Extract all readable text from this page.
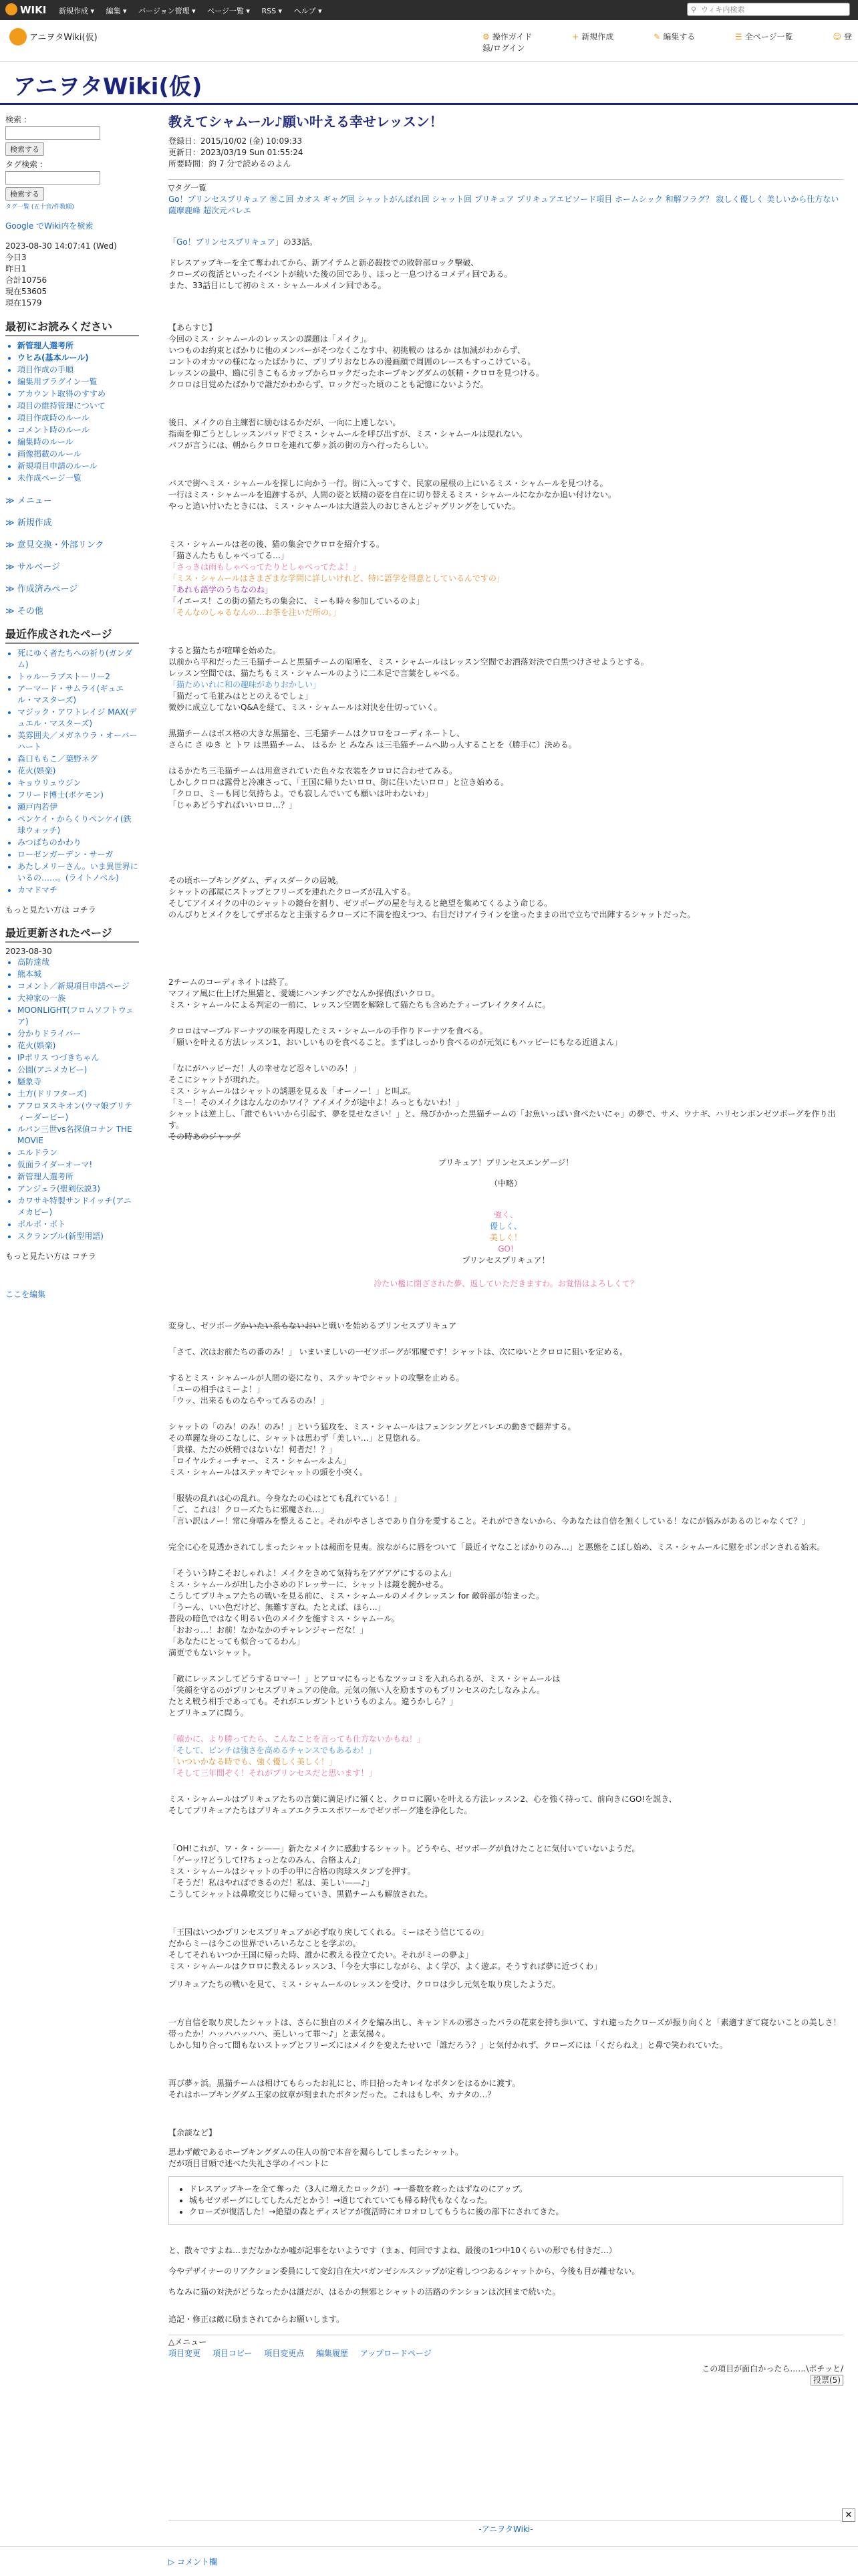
WIKI 新規作成 ▾ 編集 ▾ バージョン管理 ▾ ページ一覧 ▾ RSS ▾ ヘルプ ▾	⚲ ウィキ内検索
アニヲタWiki(仮)	⚙ 操作ガイド	+ 新規作成	✎ 編集する	☰ 全ページ一覧	☺ 登録/ログイン
アニヲタWiki(仮)
検索 :
検索する
タグ検索 :
検索する
タグ一覧 (五十音/件数順)
Google でWiki内を検索
2023-08-30 14:07:41 (Wed)
今日3
昨日1
合計10756
現在53605
現在1579
最初にお読みください
• 新管理人選考所
• ウヒみ(基本ルール)
• 項目作成の手順
• 編集用プラグイン一覧
• アカウント取得のすすめ
• 項目の維持管理について
• 項目作成時のルール
• コメント時のルール
• 編集時のルール
• 画像掲載のルール
• 新規項目申請のルール
• 未作成ページ一覧
≫ メニュー
≫ 新規作成
≫ 意見交換・外部リンク
≫ サルベージ
≫ 作成済みページ
≫ その他
最近作成されたページ
• 死にゆく者たちへの祈り(ガンダム)
• トゥルーラブストーリー2
• アーマード・サムライ(ギュエル・マスターズ)
• マジック・アワトレイジ MAX(デュエル・マスターズ)
• 美雰囲夫／メガネウラ・オーバーハート
• 森口ももこ／葉野ネグ
• 花火(娯楽)
• キョウリュウジン
• フリード博士(ポケモン)
• 瀬戸内若伊
• ペンケイ・からくりペンケイ(鉄球ウォッチ)
• みつばちのかわり
• ローゼンガーデン・サーガ
• あたしメリーさん。いま異世界にいるの……。(ライトノベル)
• カマドマチ
もっと見たい方は コチラ
最近更新されたページ
2023-08-30
• 高防達哉
• 熊本城
• コメント／新規項目申請ページ
• 大神家の一族
• MOONLIGHT(フロムソフトウェア)
• 分かりドライバー
• 花火(娯楽)
• IPポリス つづきちゃん
• 公園(アニメカビー)
• 騒象寺
• 土方(ドリフターズ)
• アフロヌスキオン(ウマ娘プリティーダービー)
• ルパン三世vs名探偵コナン THE MOVIE
• エルドラン
• 仮面ライダーオーマ!
• 新管理人選考所
• アンジェラ(聖剣伝説3)
• カワサキ特製サンドイッチ(アニメカビー)
• ポルポ・ボト
• スクランブル(新型用語)
もっと見たい方は コチラ
ここを編集
教えてシャムール♪願い叶える幸せレッスン！
登録日：2015/10/02 (金) 10:09:33
更新日：2023/03/19 Sun 01:55:24
所要時間：約 7 分で読めるのよん
▽タグ一覧
Go！プリンセスプリキュア ㊗こ回 カオス ギャグ回 シャットがんばれ回 シャット回 プリキュア プリキュアエピソード項目 ホームシック 和解フラグ？ 寂しく優しく 美しいから仕方ない 薩摩鹿峰 超次元バレエ
「Go！プリンセスプリキュア」の33話。

ドレスアップキーを全て奪われてから、新アイテムと新必殺技での敗幹部ロック撃破、

クローズの復活といったイベントが続いた後の回であり、ほっと一息つけるコメディ回である。

また、33話目にして初のミス・シャムールメイン回である。

【あらすじ】

今回のミス・シャムールのレッスンの課題は「メイク」。

いつものお約束とばかりに他のメンバーがそつなくこなす中、初挑戦の はるか は加減がわからず、

コントのオカマの様になったばかりに、プリプリおなじみの漫画顔で周囲のレースもすっこけている。

レッスンの最中、鴎に引きこもるカップからロックだったホープキングダムの妖精・クロロを見つける。

クロロは目覚めたばかりで誰だかわからず、ロックだった頃のことも記憶にないようだ。

後日、メイクの自主練習に励むはるかだが、一向に上達しない。

指南を仰ごうとしレッスンバッドでミス・シャムールを呼び出すが、ミス・シャムールは現れない。

パフが言うには、朝からクロロを連れて夢ヶ浜の街の方へ行ったらしい。

バスで街へミス・シャムールを探しに向かう一行。街に入ってすぐ、民家の屋根の上にいるミス・シャムールを見つける。

一行はミス・シャムールを追跡するが、人間の姿と妖精の姿を自在に切り替えるミス・シャムールになかなか追い付けない。

やっと追い付いたときには、ミス・シャムールは大道芸人のおじさんとジャグリングをしていた。

ミス・シャムールは老の後、猫の集会でクロロを紹介する。

「猫さんたちもしゃべってる…」

「さっきは雨もしゃべってたりとしゃべってたよ！」

「ミス・シャムールはさまざまな学問に詳しいけれど、特に語学を得意としているんですの」

「あれも語学のうちなのね」

「イエース！この街の猫たちの集会に、ミーも時々参加しているのよ」

「そんなのしゃるなんの…お茶を注いだ所の。」

すると猫たちが喧嘩を始めた。

以前から平和だった三毛猫チームと黒猫チームの喧嘩を、ミス・シャムールはレッスン空間でお洒落対決で白黒つけさせようとする。

レッスン空間では、猫たちもミス・シャムールのように二本足で言葉をしゃべる。

「猫ためいれに和の趣味がありおかしい」

「猫だって毛並みはととのえるでしょ」

微妙に成立してないQ&Aを経て、ミス・シャムールは対決を仕切っていく。

黒猫チームはボス格の大きな黒猫を、三毛猫チームはクロロをコーディネートし、

さらに さ ゆき と トワ は黒猫チーム、 はるか と みなみ は三毛猫チームへ助っ人することを（勝手に）決める。

はるかたち三毛猫チームは用意されていた色々な衣装をクロロに合わせてみる。

しかしクロロは露骨と冷凍さって、「王国に帰りたいロロ、街に住いたいロロ」と泣き始める。

「クロロ、ミーも同じ気持ちよ。でも寂しんでいても願いは叶わないわ」

「じゃあどうすればいいロロ…？」

その頃ホープキングダム、ディスダークの居城。

シャットの部屋にストップとフリーズを連れたクローズが乱入する。

そしてアイメイクの中のシャットの鏡台を割り、ゼツボーグの屋を与えると絶望を集めてくるよう命じる。

のんびりとメイクをしてザボるなと主張するクローズに不満を抱えつつ、右目だけアイラインを塗ったままの出で立ちで出陣するシャットだった。

2チームのコーディネイトは終了。

マフィア風に仕上げた黒猫と、愛嬌にハンチングでなんか探偵ぽいクロロ。

ミス・シャムールによる判定の一前に、レッスン空間を解除して猫たちも含めたティーブレイクタイムに。

クロロはマーブルドーナツの味を再現したミス・シャムールの手作りドーナツを食べる。

「願いを叶える方法レッスン1、おいしいものを食べること。まずはしっかり食べるのが元気にもハッピーにもなる近道よん」

「なにがハッピーだ！人の幸せなど忍々しいのみ！」

そこにシャットが現れた。

ミス・シャムールはシャットの誘悪を見る＆「オーノー！」と叫ぶ。

「ミー！そのメイクはなんなのかワイ？アイメイクが途中よ！みっともないわ！」

シャットは逆上し、「誰でもいいから引起す、夢を見せなさい！」と、飛びかかった黒猫チームの「お魚いっぱい食べたいにゃ」の夢で、サメ、ウナギ、ハリセンボンゼツボーグを作り出す。

その時あのジャッグ

プリキュア！プリンセスエンゲージ！

（中略）

強く、

優しく、

美しく！

GO!

プリンセスプリキュア！

冷たい檻に閉ざされた夢、返していただきますわ。お覚悟はよろしくて？

変身し、ゼツボーグかいたい系もないおいと戦いを始めるプリンセスプリキュア

「さて、次はお前たちの番のみ！」 いまいましいの一ゼツボーグが邪魔です！シャットは、次にゆいとクロロに狙いを定める。

するとミス・シャムールが人間の姿になり、ステッキでシャットの攻撃を止める。

「ユーの相手はミーよ！」

「ウッ、出来るものならやってみるのみ！」

シャットの「のみ！のみ！のみ！」という猛攻を、ミス・シャムールはフェンシングとバレエの動きで翻弄する。

その華麗な身のこなしに、シャットは思わず「美しい…」と見惚れる。

「貴様、ただの妖精ではないな！何者だ！？」

「ロイヤルティーチャー、ミス・シャムールよん」

ミス・シャムールはステッキでシャットの頭を小突く。

「服装の乱れは心の乱れ。今身なたの心はとても乱れている！」

「ご、これは！クローズたちに邪魔され…」

「言い訳はノー！常に身嗜みを整えること。それがやさしさであり自分を愛すること。それができないから、今あなたは自信を無くしている！なにが悩みがあるのじゃなくて？」

完全に心を見透かされてしまったシャットは赧面を見夷。涙ながらに唇をついて「最近イヤなことばかりのみ…」と悪態をこぼし始め、ミス・シャムールに慰をポンポンされる始末。

「そういう時こそおしゃれよ！メイクをきめて気持ちをアゲアゲにするのよん」

ミス・シャムールが出した小さめのドレッサーに、シャットは鏡を腕かせる。

こうしてプリキュアたちの戦いを見る前に、ミス・シャムールのメイクレッスン for 敵幹部が始まった。

「うーん、いい色だけど、無難すぎね。たとえば、ほら…」

普段の暗色ではなく明るい色のメイクを施すミス・シャムール。

「おおっ…！お前！なかなかのチャレンジャーだな！」

「あなたにとっても似合ってるわん」

満更でもないシャット。

「敵にレッスンしてどうするロマー！」とアロマにもっともなツッコミを入れられるが、ミス・シャムールは

「笑顔を守るのがプリンセスプリキュアの使命。元気の無い人を励ますのもプリンセスのたしなみよん。

たとえ戦う相手であっても。それがエレガントというものよん。違うかしら？」

とプリキュアに問う。

「確かに、より勝ってたら、こんなことを言っても仕方ないかもね！」

「そして、ピンチは強さを高めるチャンスでもあるわ！」

「いついかなる時でも、強く優しく美しく！」

「そして三年間ぞく！それがプリンセスだと思います！」

ミス・シャムールはプリキュアたちの言葉に満足げに頷くと、クロロに願いを叶える方法レッスン2、心を強く持って、前向きにGO!を説き、

そしてプリキュアたちはプリキュアエクラエスポワールでゼツボーグ達を浄化した。

「OH!これが、ワ・タ・シ——」新たなメイクに感動するシャット。どうやら、ゼツボーグが負けたことに気付いていないようだ。

「ゲーッ!?どうして!?ちょっとなのみん、合格よん♪」

ミス・シャムールはシャットの手の甲に合格の肉球スタンプを押す。

「そうだ！私はやればできるのだ！私は、美しい——♪」

こうしてシャットは鼻歌交じりに帰っていき、黒猫チームも解放された。

「王国はいつかプリンセスプリキュアが必ず取り戻してくれる。ミーはそう信じてるの」

だからミーは今この世界でいろいろなことを学ぶの。

そしてそれもいつか王国に帰った時、誰かに教える役立てたい。それがミーの夢よ」

ミス・シャムールはクロロに教えるレッスン3、「今を大事にしながら、よく学び、よく遊ぶ。そうすれば夢に近づくわ」

プリキュアたちの戦いを見て、ミス・シャムールのレッスンを受け、クロロは少し元気を取り戻したようだ。

一方自信を取り戻したシャットは、さらに独自のメイクを編み出し、キャンドルの邪さったバラの花束を持ち歩いて、すれ違ったクローズが振り向くと「素適すぎて寝ないことの美しさ！帯ったか！ハッハハッハハ、美しいって罪〜♪」と悲気揚々。

しかし知り合って間もないストップとフリーズにはメイクを変えたせいで「誰だろう？」と気付かれず、クローズには「くだらねえ」と鼻で笑われていた。

再び夢ヶ浜。黒猫チームは相けてもらったお礼にと、昨日拾ったキレイなボタンをはるかに渡す。

それはホープキングダム王家の紋章が刻まれたボタンだった。これはもしや、カナタの…？

【余談など】

思わず敵であるホープキングダムの住人の前で本音を漏らしてしまったシャット。

だが項目冒頭で述べた失礼さ学のイベントに

• ドレスアップキーを全て奪った（3人に増えたロックが）→一番数を救ったはずなのにアップ。
• 城もゼツボーグにしてしたんだとかう！→道じてれていても帰る時代もなくなった。
• クローズが復活した！→絶望の森とディスピアが復活時にオロオロしてもうちに後の部下にされてきた。

と、散々ですよね…まだなかなか嘘が記事をないようです（まぁ、何回ですよね、最後の1つ中10くらいの形でも付きだ…）

今やデザイナーのリアクション委員にして変幻自在大パガンゼシルスシップが定着しつつあるシャットから、今後も目が離せない。

ちなみに猫の対決がどうなったかは謎だが、はるかの無邪とシャットの活路のテンションは次回まで続いた。

追記・修正は敵に励まされてからお願いします。

△メニュー
項目変更 項目コピー 項目変更点 編集履歴 アップロードページ
この項目が面白かったら……\ポチッと/
投票(5)
✕
-アニヲタWiki-
▷ コメント欄
